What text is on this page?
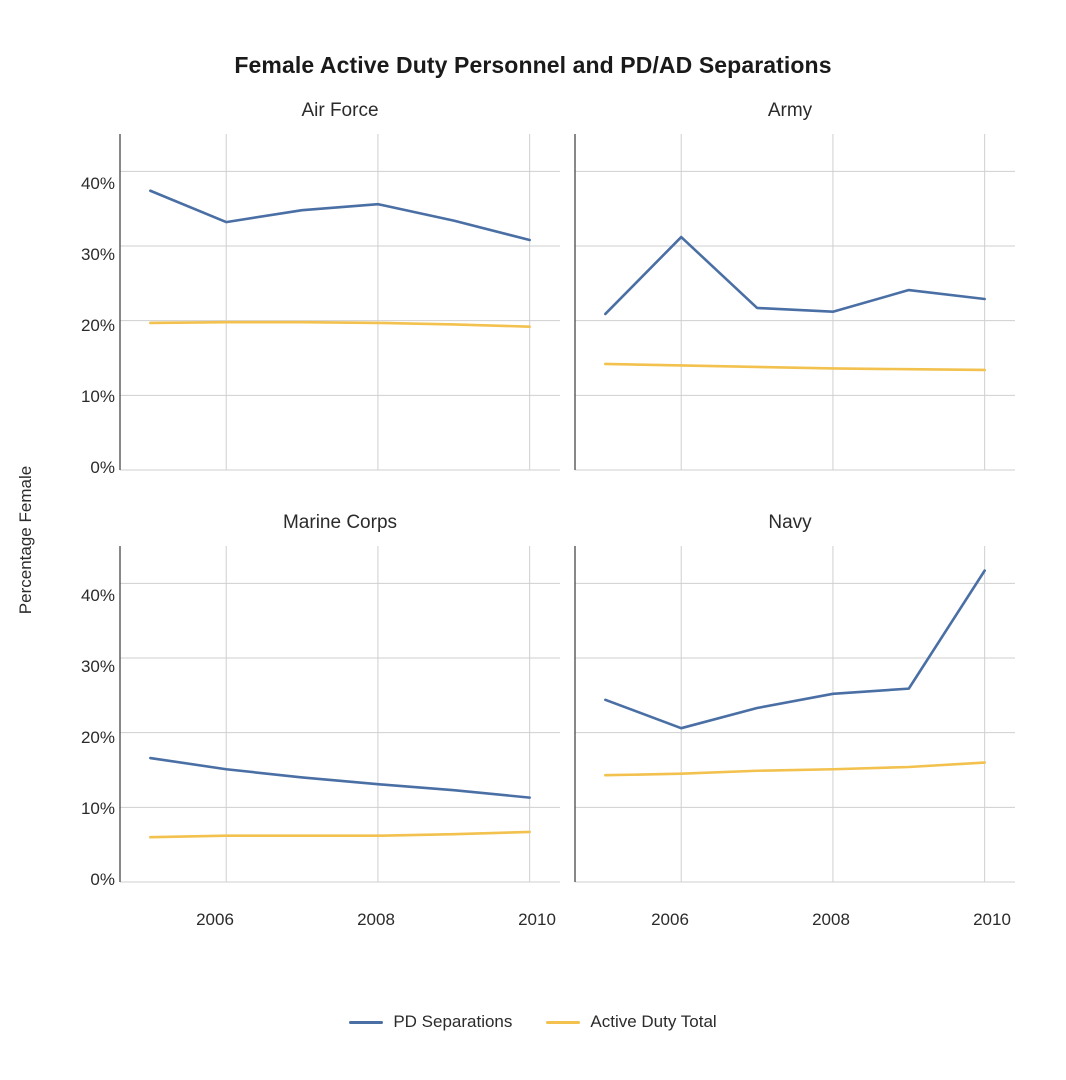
Female Active Duty Personnel and PD/AD Separations
Percentage Female
Air Force	Army
Marine Corps	Navy
40%
30%
20%
10%
0%
40%
30%
20%
10%
0%
2006	2008	2010	2006	2008	2010
PD Separations	Active Duty Total
